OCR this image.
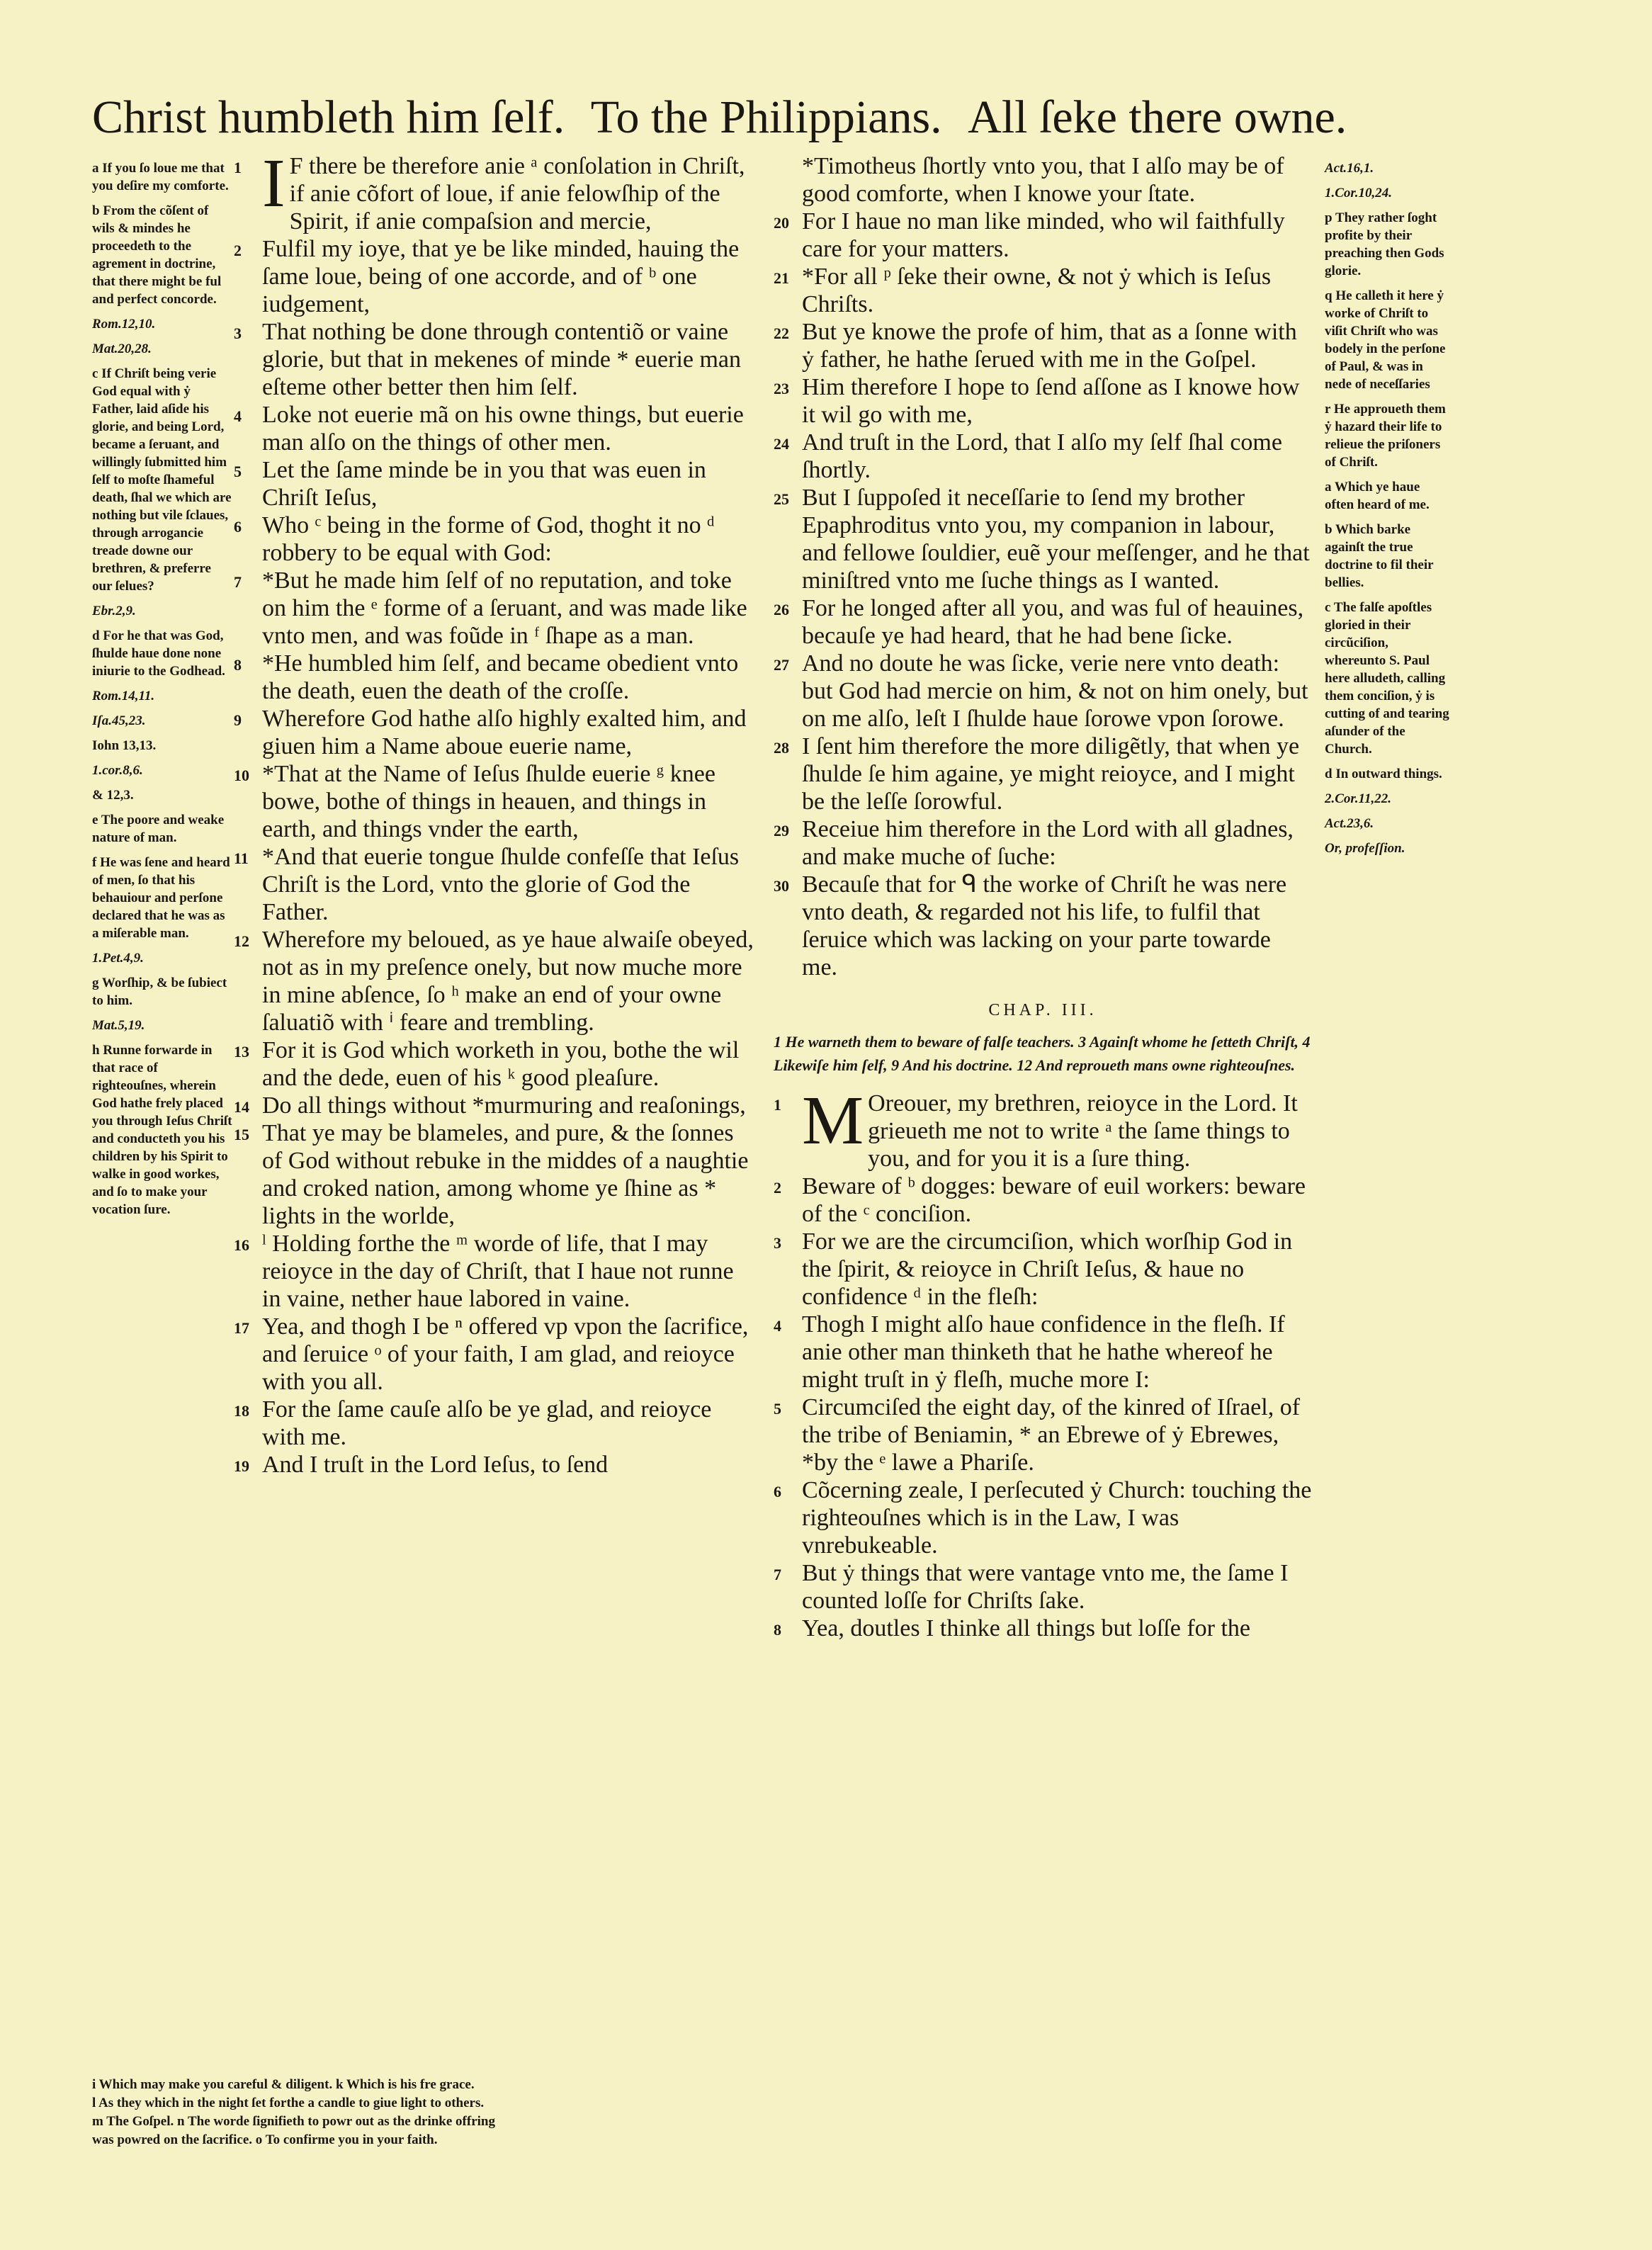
Christ humbleth him ſelf. To the Philippians. All ſeke there owne.
a If you ſo loue me that you deſire my comforte.
b From the cõſent of wils & mindes he proceedeth to the agrement in doctrine, that there might be ful and perfect concorde.
Rom.12,10.
Mat.20,28.
c If Chriſt being verie God equal with ẏ Father, laid aſide his glorie, and being Lord, became a ſeruant, and willingly ſubmitted him ſelf to moſte ſhameful death, ſhal we which are nothing but vile ſclaues, through arrogancie treade downe our brethren, & preferre our ſelues?
Ebr.2,9.
d For he that was God, ſhulde haue done none iniurie to the Godhead.
Rom.14,11.
Iſa.45,23.
Iohn 13,13.
1.cor.8,6.
& 12,3.
e The poore and weake nature of man.
f He was ſene and heard of men, ſo that his behauiour and perſone declared that he was as a miſerable man.
1.Pet.4,9.
g Worſhip, & be ſubiect to him.
Mat.5,19.
h Runne forwarde in that race of righteouſnes, wherein God hathe frely placed you through Ieſus Chriſt and conducteth you his children by his Spirit to walke in good workes, and ſo to make your vocation ſure.

1 I F there be therefore anie ᵃ conſolation in Chriſt, if anie cõfort of loue, if anie felowſhip of the Spirit, if anie compaſsion and mercie,

2 Fulfil my ioye, that ye be like minded, hauing the ſame loue, being of one accorde, and of ᵇ one iudgement,

3 That nothing be done through contentiõ or vaine glorie, but that in mekenes of minde * euerie man eſteme other better then him ſelf.

4 Loke not euerie mã on his owne things, but euerie man alſo on the things of other men.

5 Let the ſame minde be in you that was euen in Chriſt Ieſus,

6 Who ᶜ being in the forme of God, thoght it no ᵈ robbery to be equal with God:

7 *But he made him ſelf of no reputation, and toke on him the ᵉ forme of a ſeruant, and was made like vnto men, and was foũde in ᶠ ſhape as a man.

8 *He humbled him ſelf, and became obedient vnto the death, euen the death of the croſſe.

9 Wherefore God hathe alſo highly exalted him, and giuen him a Name aboue euerie name,

10 *That at the Name of Ieſus ſhulde euerie ᵍ knee bowe, bothe of things in heauen, and things in earth, and things vnder the earth,

11 *And that euerie tongue ſhulde confeſſe that Ieſus Chriſt is the Lord, vnto the glorie of God the Father.

12 Wherefore my beloued, as ye haue alwaiſe obeyed, not as in my preſence onely, but now muche more in mine abſence, ſo ʰ make an end of your owne ſaluatiõ with ⁱ feare and trembling.

13 For it is God which worketh in you, bothe the wil and the dede, euen of his ᵏ good pleaſure.

14 Do all things without *murmuring and reaſonings,

15 That ye may be blameles, and pure, & the ſonnes of God without rebuke in the middes of a naughtie and croked nation, among whome ye ſhine as * lights in the worlde,

16 ˡ Holding forthe the ᵐ worde of life, that I may reioyce in the day of Chriſt, that I haue not runne in vaine, nether haue labored in vaine.

17 Yea, and thogh I be ⁿ offered vp vpon the ſacrifice, and ſeruice ᵒ of your faith, I am glad, and reioyce with you all.

18 For the ſame cauſe alſo be ye glad, and reioyce with me.

19 And I truſt in the Lord Ieſus, to ſend

*Timotheus ſhortly vnto you, that I alſo may be of good comforte, when I knowe your ſtate.

20 For I haue no man like minded, who wil faithfully care for your matters.

21 *For all ᵖ ſeke their owne, & not ẏ which is Ieſus Chriſts.

22 But ye knowe the profe of him, that as a ſonne with ẏ father, he hathe ſerued with me in the Goſpel.

23 Him therefore I hope to ſend aſſone as I knowe how it wil go with me,

24 And truſt in the Lord, that I alſo my ſelf ſhal come ſhortly.

25 But I ſuppoſed it neceſſarie to ſend my brother Epaphroditus vnto you, my companion in labour, and fellowe ſouldier, euẽ your meſſenger, and he that miniſtred vnto me ſuche things as I wanted.

26 For he longed after all you, and was ful of heauines, becauſe ye had heard, that he had bene ſicke.

27 And no doute he was ſicke, verie nere vnto death: but God had mercie on him, & not on him onely, but on me alſo, leſt I ſhulde haue ſorowe vpon ſorowe.

28 I ſent him therefore the more diligẽtly, that when ye ſhulde ſe him againe, ye might reioyce, and I might be the leſſe ſorowful.

29 Receiue him therefore in the Lord with all gladnes, and make muche of ſuche:

30 Becauſe that for ᑫ the worke of Chriſt he was nere vnto death, & regarded not his life, to fulfil that ſeruice which was lacking on your parte towarde me.

CHAP. III.
1 He warneth them to beware of falſe teachers. 3 Againſt whome he ſetteth Chriſt, 4 Likewiſe him ſelf, 9 And his doctrine. 12 And reproueth mans owne righteouſnes.

1 M Oreouer, my brethren, reioyce in the Lord. It grieueth me not to write ᵃ the ſame things to you, and for you it is a ſure thing.

2 Beware of ᵇ dogges: beware of euil workers: beware of the ᶜ conciſion.

3 For we are the circumciſion, which worſhip God in the ſpirit, & reioyce in Chriſt Ieſus, & haue no confidence ᵈ in the fleſh:

4 Thogh I might alſo haue confidence in the fleſh. If anie other man thinketh that he hathe whereof he might truſt in ẏ fleſh, muche more I:

5 Circumciſed the eight day, of the kinred of Iſrael, of the tribe of Beniamin, * an Ebrewe of ẏ Ebrewes, *by the ᵉ lawe a Phariſe.

6 Cõcerning zeale, I perſecuted ẏ Church: touching the righteouſnes which is in the Law, I was vnrebukeable.

7 But ẏ things that were vantage vnto me, the ſame I counted loſſe for Chriſts ſake.

8 Yea, doutles I thinke all things but loſſe for the

Act.16,1.
1.Cor.10,24.
p They rather ſoght profite by their preaching then Gods glorie.
q He calleth it here ẏ worke of Chriſt to viſit Chriſt who was bodely in the perſone of Paul, & was in nede of neceſſaries
r He approueth them ẏ hazard their life to relieue the priſoners of Chriſt.
a Which ye haue often heard of me.
b Which barke againſt the true doctrine to fil their bellies.
c The falſe apoſtles gloried in their circũciſion, whereunto S. Paul here alludeth, calling them conciſion, ẏ is cutting of and tearing aſunder of the Church.
d In outward things.
2.Cor.11,22.
Act.23,6.
Or, profeſſion.
i Which may make you careful & diligent. k Which is his fre grace.
l As they which in the night ſet forthe a candle to giue light to others.
m The Goſpel. n The worde ſignifieth to powr out as the drinke offring
was powred on the ſacrifice. o To confirme you in your faith.
